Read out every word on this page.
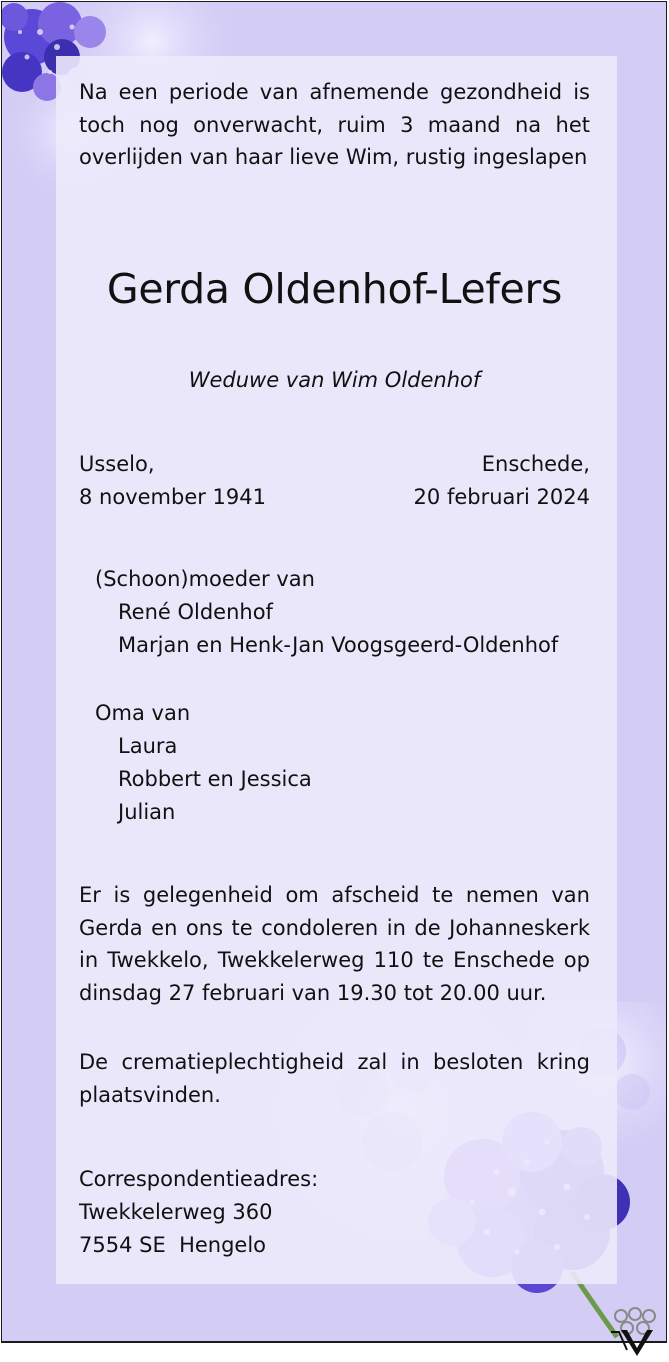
Na een periode van afnemende gezondheid is toch nog onverwacht, ruim 3 maand na het overlijden van haar lieve Wim, rustig ingeslapen
Gerda Oldenhof-Lefers
Weduwe van Wim Oldenhof
Usselo,
8 november 1941
Enschede,
20 februari 2024
(Schoon)moeder van
René Oldenhof
Marjan en Henk-Jan Voogsgeerd-Oldenhof
Oma van
Laura
Robbert en Jessica
Julian
Er is gelegenheid om afscheid te nemen van Gerda en ons te condoleren in de Johanneskerk in Twekkelo, Twekkelerweg 110 te Enschede op dinsdag 27 februari van 19.30 tot 20.00 uur.
De crematieplechtigheid zal in besloten kring plaatsvinden.
Correspondentieadres:
Twekkelerweg 360
7554 SE  Hengelo
